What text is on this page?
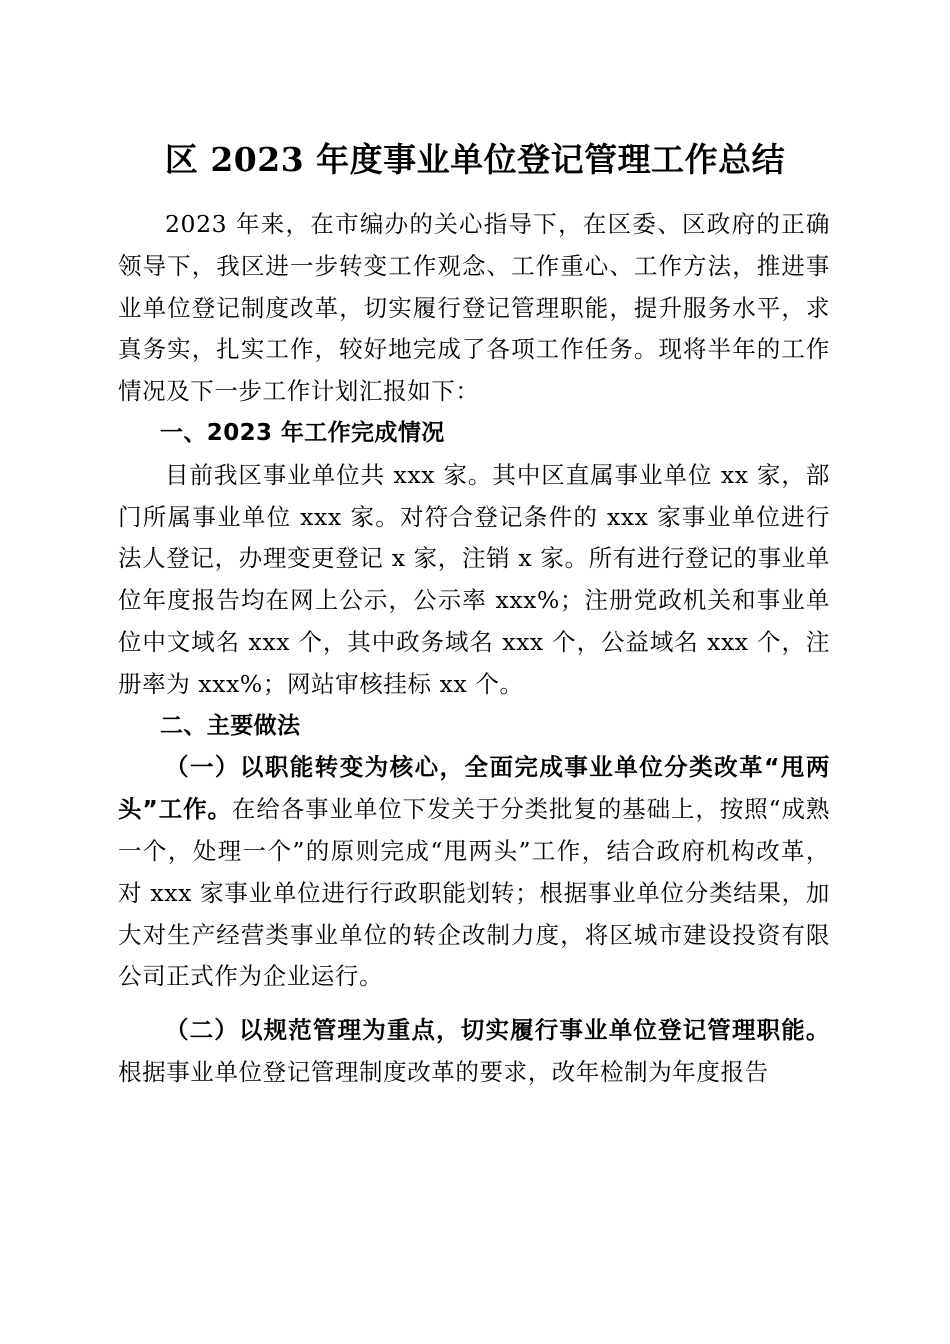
区 2023 年度事业单位登记管理工作总结

2023 年来，在市编办的关心指导下，在区委、区政府的正确领导下，我区进一步转变工作观念、工作重心、工作方法，推进事业单位登记制度改革，切实履行登记管理职能，提升服务水平，求真务实，扎实工作，较好地完成了各项工作任务。现将半年的工作情况及下一步工作计划汇报如下：

一、2023 年工作完成情况

目前我区事业单位共 xxx 家。其中区直属事业单位 xx 家，部门所属事业单位 xxx 家。对符合登记条件的 xxx 家事业单位进行法人登记，办理变更登记 x 家，注销 x 家。所有进行登记的事业单位年度报告均在网上公示，公示率 xxx%；注册党政机关和事业单位中文域名 xxx 个，其中政务域名 xxx 个，公益域名 xxx 个，注册率为 xxx%；网站审核挂标 xx 个。

二、主要做法

（一）以职能转变为核心，全面完成事业单位分类改革“甩两头”工作。在给各事业单位下发关于分类批复的基础上，按照“成熟一个，处理一个”的原则完成“甩两头”工作，结合政府机构改革，对 xxx 家事业单位进行行政职能划转；根据事业单位分类结果，加大对生产经营类事业单位的转企改制力度，将区城市建设投资有限公司正式作为企业运行。

（二）以规范管理为重点，切实履行事业单位登记管理职能。根据事业单位登记管理制度改革的要求，改年检制为年度报告
